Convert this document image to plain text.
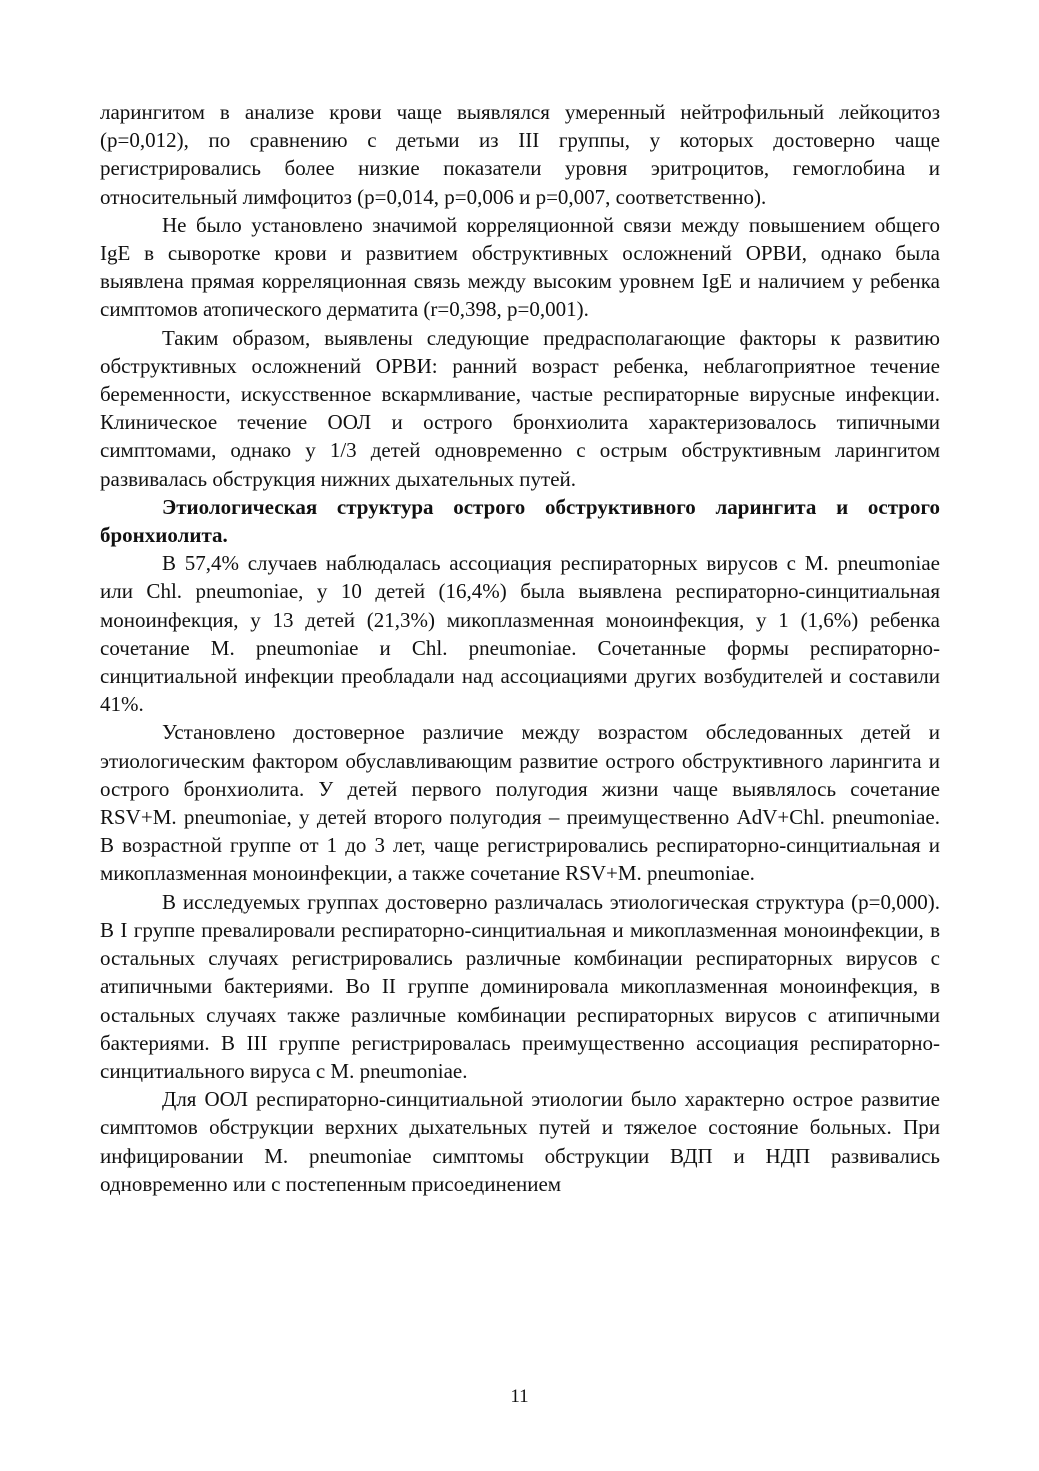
ларингитом в анализе крови чаще выявлялся умеренный нейтрофильный лейкоцитоз (p=0,012), по сравнению с детьми из III группы, у которых достоверно чаще регистрировались более низкие показатели уровня эритроцитов, гемоглобина и относительный лимфоцитоз (p=0,014, p=0,006 и p=0,007, соответственно).

Не было установлено значимой корреляционной связи между повышением общего IgE в сыворотке крови и развитием обструктивных осложнений ОРВИ, однако была выявлена прямая корреляционная связь между высоким уровнем IgE и наличием у ребенка симптомов атопического дерматита (r=0,398, p=0,001).

Таким образом, выявлены следующие предрасполагающие факторы к развитию обструктивных осложнений ОРВИ: ранний возраст ребенка, неблагоприятное течение беременности, искусственное вскармливание, частые респираторные вирусные инфекции. Клиническое течение ООЛ и острого бронхиолита характеризовалось типичными симптомами, однако у 1/3 детей одновременно с острым обструктивным ларингитом развивалась обструкция нижних дыхательных путей.

Этиологическая структура острого обструктивного ларингита и острого бронхиолита.

В 57,4% случаев наблюдалась ассоциация респираторных вирусов с M. pneumoniae или Chl. pneumoniae, у 10 детей (16,4%) была выявлена респираторно-синцитиальная моноинфекция, у 13 детей (21,3%) микоплазменная моноинфекция, у 1 (1,6%) ребенка сочетание M. pneumoniae и Chl. pneumoniae. Сочетанные формы респираторно-синцитиальной инфекции преобладали над ассоциациями других возбудителей и составили 41%.

Установлено достоверное различие между возрастом обследованных детей и этиологическим фактором обуславливающим развитие острого обструктивного ларингита и острого бронхиолита. У детей первого полугодия жизни чаще выявлялось сочетание RSV+M. pneumoniae, у детей второго полугодия – преимущественно AdV+Chl. pneumoniae. В возрастной группе от 1 до 3 лет, чаще регистрировались респираторно-синцитиальная и микоплазменная моноинфекции, а также сочетание RSV+M. pneumoniae.

В исследуемых группах достоверно различалась этиологическая структура (p=0,000). В I группе превалировали респираторно-синцитиальная и микоплазменная моноинфекции, в остальных случаях регистрировались различные комбинации респираторных вирусов с атипичными бактериями. Во II группе доминировала микоплазменная моноинфекция, в остальных случаях также различные комбинации респираторных вирусов с атипичными бактериями. В III группе регистрировалась преимущественно ассоциация респираторно-синцитиального вируса с M. pneumoniae.

Для ООЛ респираторно-синцитиальной этиологии было характерно острое развитие симптомов обструкции верхних дыхательных путей и тяжелое состояние больных. При инфицировании M. pneumoniae симптомы обструкции ВДП и НДП развивались одновременно или с постепенным присоединением

11
